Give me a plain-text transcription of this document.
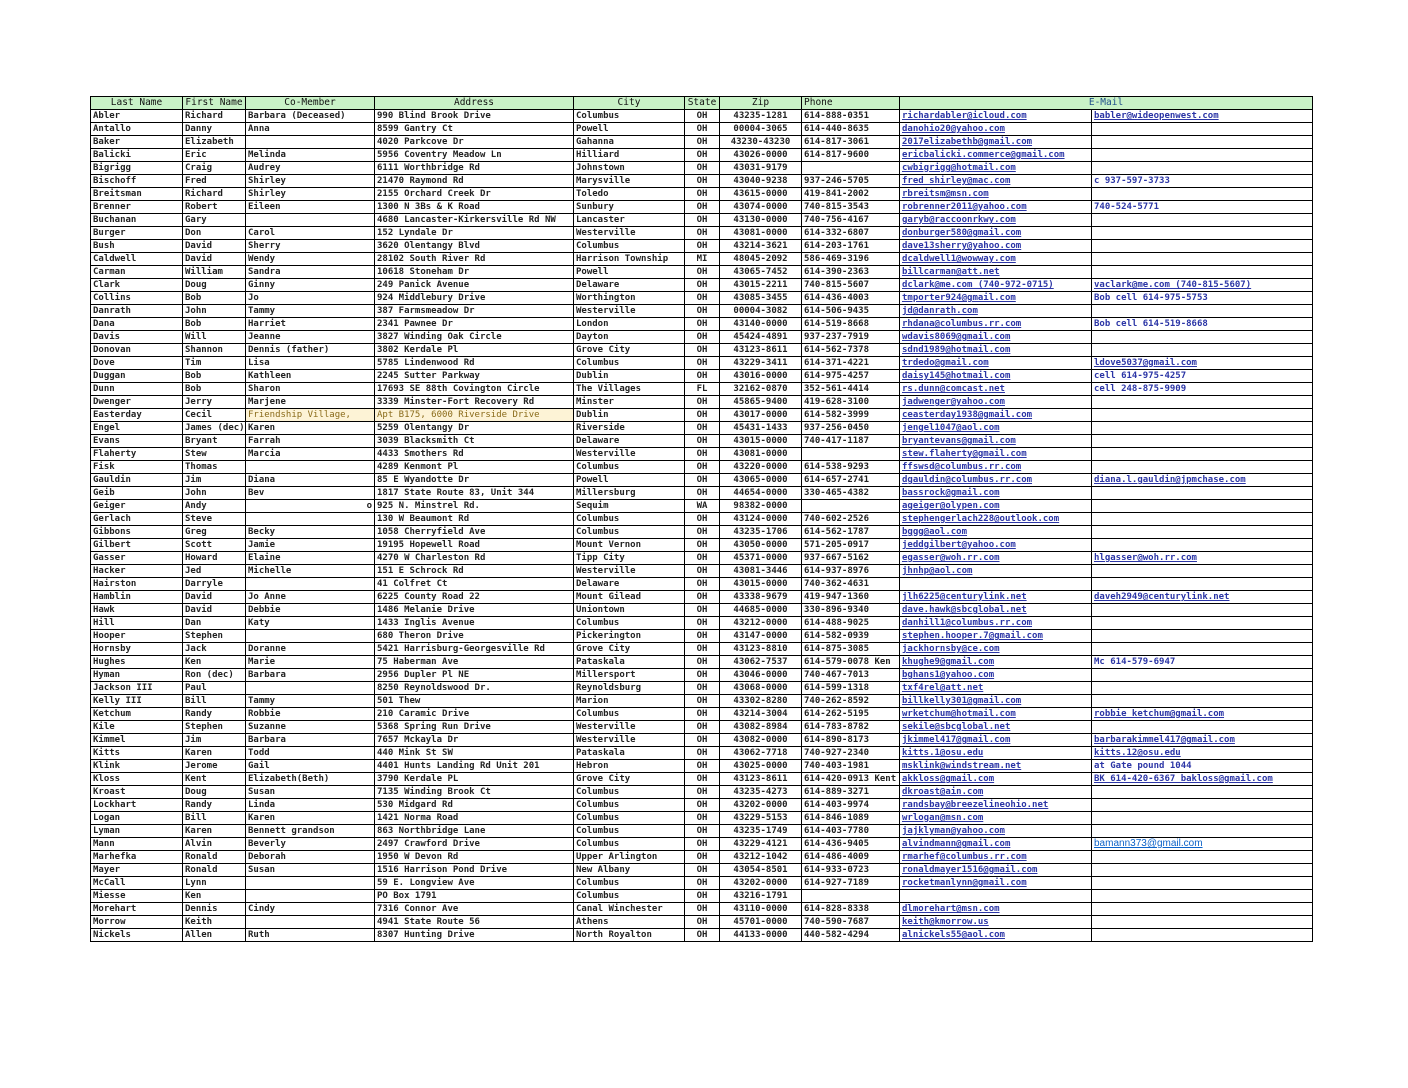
Last Name	First Name	Co-Member	Address	City	State	Zip	Phone	E-Mail	
Abler	Richard	Barbara (Deceased)	990 Blind Brook Drive	Columbus	OH	43235-1281	614-888-0351	richardabler@icloud.com	babler@wideopenwest.com
Antallo	Danny	Anna	8599 Gantry Ct	Powell	OH	00004-3065	614-440-8635	danohio20@yahoo.com	
Baker	Elizabeth		4020 Parkcove Dr	Gahanna	OH	43230-43230	614-817-3061	2017elizabethb@gmail.com	
Balicki	Eric	Melinda	5956 Coventry Meadow Ln	Hilliard	OH	43026-0000	614-817-9600	ericbalicki.commerce@gmail.com	
Bigrigg	Craig	Audrey	6111 Worthbridge Rd	Johnstown	OH	43031-9179		cwbigrigg@hotmail.com	
Bischoff	Fred	Shirley	21470 Raymond Rd	Marysville	OH	43040-9238	937-246-5705	fred_shirley@mac.com	c 937-597-3733
Breitsman	Richard	Shirley	2155 Orchard Creek Dr	Toledo	OH	43615-0000	419-841-2002	rbreitsm@msn.com	
Brenner	Robert	Eileen	1300 N 3Bs & K Road	Sunbury	OH	43074-0000	740-815-3543	robrenner2011@yahoo.com	740-524-5771
Buchanan	Gary		4680 Lancaster-Kirkersville Rd NW	Lancaster	OH	43130-0000	740-756-4167	garyb@raccoonrkwy.com	
Burger	Don	Carol	152 Lyndale Dr	Westerville	OH	43081-0000	614-332-6807	donburger580@gmail.com	
Bush	David	Sherry	3620 Olentangy Blvd	Columbus	OH	43214-3621	614-203-1761	dave13sherry@yahoo.com	
Caldwell	David	Wendy	28102 South River Rd	Harrison Township	MI	48045-2092	586-469-3196	dcaldwell1@wowway.com	
Carman	William	Sandra	10618 Stoneham Dr	Powell	OH	43065-7452	614-390-2363	billcarman@att.net	
Clark	Doug	Ginny	249 Panick Avenue	Delaware	OH	43015-2211	740-815-5607	dclark@me.com (740-972-0715)	vaclark@me.com (740-815-5607)
Collins	Bob	Jo	924 Middlebury Drive	Worthington	OH	43085-3455	614-436-4003	tmporter924@gmail.com	Bob cell 614-975-5753
Danrath	John	Tammy	387 Farmsmeadow Dr	Westerville	OH	00004-3082	614-506-9435	jd@danrath.com	
Dana	Bob	Harriet	2341 Pawnee Dr	London	OH	43140-0000	614-519-8668	rhdana@columbus.rr.com	Bob cell 614-519-8668
Davis	Will	Jeanne	3827 Winding Oak Circle	Dayton	OH	45424-4891	937-237-7919	wdavis8069@gmail.com	
Donovan	Shannon	Dennis (father)	3802 Kerdale Pl	Grove City	OH	43123-8611	614-562-7378	sdnd1989@hotmail.com	
Dove	Tim	Lisa	5785 Lindenwood Rd	Columbus	OH	43229-3411	614-371-4221	trdedo@gmail.com	ldove5037@gmail.com
Duggan	Bob	Kathleen	2245 Sutter Parkway	Dublin	OH	43016-0000	614-975-4257	daisy145@hotmail.com	cell 614-975-4257
Dunn	Bob	Sharon	17693 SE 88th Covington Circle	The Villages	FL	32162-0870	352-561-4414	rs.dunn@comcast.net	cell 248-875-9909
Dwenger	Jerry	Marjene	3339 Minster-Fort Recovery Rd	Minster	OH	45865-9400	419-628-3100	jadwenger@yahoo.com	
Easterday	Cecil	Friendship Village,	Apt B175, 6000 Riverside Drive	Dublin	OH	43017-0000	614-582-3999	ceasterday1938@gmail.com	
Engel	James (dec)	Karen	5259 Olentangy Dr	Riverside	OH	45431-1433	937-256-0450	jengel1047@aol.com	
Evans	Bryant	Farrah	3039 Blacksmith Ct	Delaware	OH	43015-0000	740-417-1187	bryantevans@gmail.com	
Flaherty	Stew	Marcia	4433 Smothers Rd	Westerville	OH	43081-0000		stew.flaherty@gmail.com	
Fisk	Thomas		4289 Kenmont Pl	Columbus	OH	43220-0000	614-538-9293	ffswsd@columbus.rr.com	
Gauldin	Jim	Diana	85 E Wyandotte Dr	Powell	OH	43065-0000	614-657-2741	dgauldin@columbus.rr.com	diana.l.gauldin@jpmchase.com
Geib	John	Bev	1817 State Route 83, Unit 344	Millersburg	OH	44654-0000	330-465-4382	bassrock@gmail.com	
Geiger	Andy	o	925 N. Minstrel Rd.	Sequim	WA	98382-0000		ageiger@olypen.com	
Gerlach	Steve		130 W Beaumont Rd	Columbus	OH	43124-0000	740-602-2526	stephengerlach228@outlook.com	
Gibbons	Greg	Becky	1058 Cherryfield Ave	Columbus	OH	43235-1706	614-562-1787	bggg@aol.com	
Gilbert	Scott	Jamie	19195 Hopewell Road	Mount Vernon	OH	43050-0000	571-205-0917	jeddgilbert@yahoo.com	
Gasser	Howard	Elaine	4270 W Charleston Rd	Tipp City	OH	45371-0000	937-667-5162	egasser@woh.rr.com	hlgasser@woh.rr.com
Hacker	Jed	Michelle	151 E Schrock Rd	Westerville	OH	43081-3446	614-937-8976	jhnhp@aol.com	
Hairston	Darryle		41 Colfret Ct	Delaware	OH	43015-0000	740-362-4631		
Hamblin	David	Jo Anne	6225 County Road 22	Mount Gilead	OH	43338-9679	419-947-1360	jlh6225@centurylink.net	daveh2949@centurylink.net
Hawk	David	Debbie	1486 Melanie Drive	Uniontown	OH	44685-0000	330-896-9340	dave.hawk@sbcglobal.net	
Hill	Dan	Katy	1433 Inglis Avenue	Columbus	OH	43212-0000	614-488-9025	danhill1@columbus.rr.com	
Hooper	Stephen		680 Theron Drive	Pickerington	OH	43147-0000	614-582-0939	stephen.hooper.7@gmail.com	
Hornsby	Jack	Doranne	5421 Harrisburg-Georgesville Rd	Grove City	OH	43123-8810	614-875-3085	jackhornsby@ce.com	
Hughes	Ken	Marie	75 Haberman Ave	Pataskala	OH	43062-7537	614-579-0078 Ken	khughe9@gmail.com	Mc 614-579-6947
Hyman	Ron (dec)	Barbara	2956 Dupler Pl NE	Millersport	OH	43046-0000	740-467-7013	bghans1@yahoo.com	
Jackson III	Paul		8250 Reynoldswood Dr.	Reynoldsburg	OH	43068-0000	614-599-1318	txf4rel@att.net	
Kelly III	Bill	Tammy	501 Thew	Marion	OH	43302-8280	740-262-8592	billkelly301@gmail.com	
Ketchum	Randy	Robbie	210 Caramic Drive	Columbus	OH	43214-3004	614-262-5195	wrketchum@hotmail.com	robbie ketchum@gmail.com
Kile	Stephen	Suzanne	5368 Spring Run Drive	Westerville	OH	43082-8984	614-783-8782	sekile@sbcglobal.net	
Kimmel	Jim	Barbara	7657 Mckayla Dr	Westerville	OH	43082-0000	614-890-8173	jkimmel417@gmail.com	barbarakimmel417@gmail.com
Kitts	Karen	Todd	440 Mink St SW	Pataskala	OH	43062-7718	740-927-2340	kitts.1@osu.edu	kitts.12@osu.edu
Klink	Jerome	Gail	4401 Hunts Landing Rd Unit 201	Hebron	OH	43025-0000	740-403-1981	msklink@windstream.net	at Gate pound 1044
Kloss	Kent	Elizabeth(Beth)	3790 Kerdale PL	Grove City	OH	43123-8611	614-420-0913 Kent	akkloss@gmail.com	BK 614-420-6367 bakloss@gmail.com
Kroast	Doug	Susan	7135 Winding Brook Ct	Columbus	OH	43235-4273	614-889-3271	dkroast@ain.com	
Lockhart	Randy	Linda	530 Midgard Rd	Columbus	OH	43202-0000	614-403-9974	randsbay@breezelineohio.net	
Logan	Bill	Karen	1421 Norma Road	Columbus	OH	43229-5153	614-846-1089	wrlogan@msn.com	
Lyman	Karen	Bennett grandson	863 Northbridge Lane	Columbus	OH	43235-1749	614-403-7780	jajklyman@yahoo.com	
Mann	Alvin	Beverly	2497 Crawford Drive	Columbus	OH	43229-4121	614-436-9405	alvindmann@gmail.com	bamann373@gmail.com
Marhefka	Ronald	Deborah	1950 W Devon Rd	Upper Arlington	OH	43212-1042	614-486-4009	rmarhef@columbus.rr.com	
Mayer	Ronald	Susan	1516 Harrison Pond Drive	New Albany	OH	43054-8501	614-933-0723	ronaldmayer1516@gmail.com	
McCall	Lynn		59 E. Longview Ave	Columbus	OH	43202-0000	614-927-7189	rocketmanlynn@gmail.com	
Miesse	Ken		PO Box 1791	Columbus	OH	43216-1791			
Morehart	Dennis	Cindy	7316 Connor Ave	Canal Winchester	OH	43110-0000	614-828-8338	dlmorehart@msn.com	
Morrow	Keith		4941 State Route 56	Athens	OH	45701-0000	740-590-7687	keith@kmorrow.us	
Nickels	Allen	Ruth	8307 Hunting Drive	North Royalton	OH	44133-0000	440-582-4294	alnickels55@aol.com	
